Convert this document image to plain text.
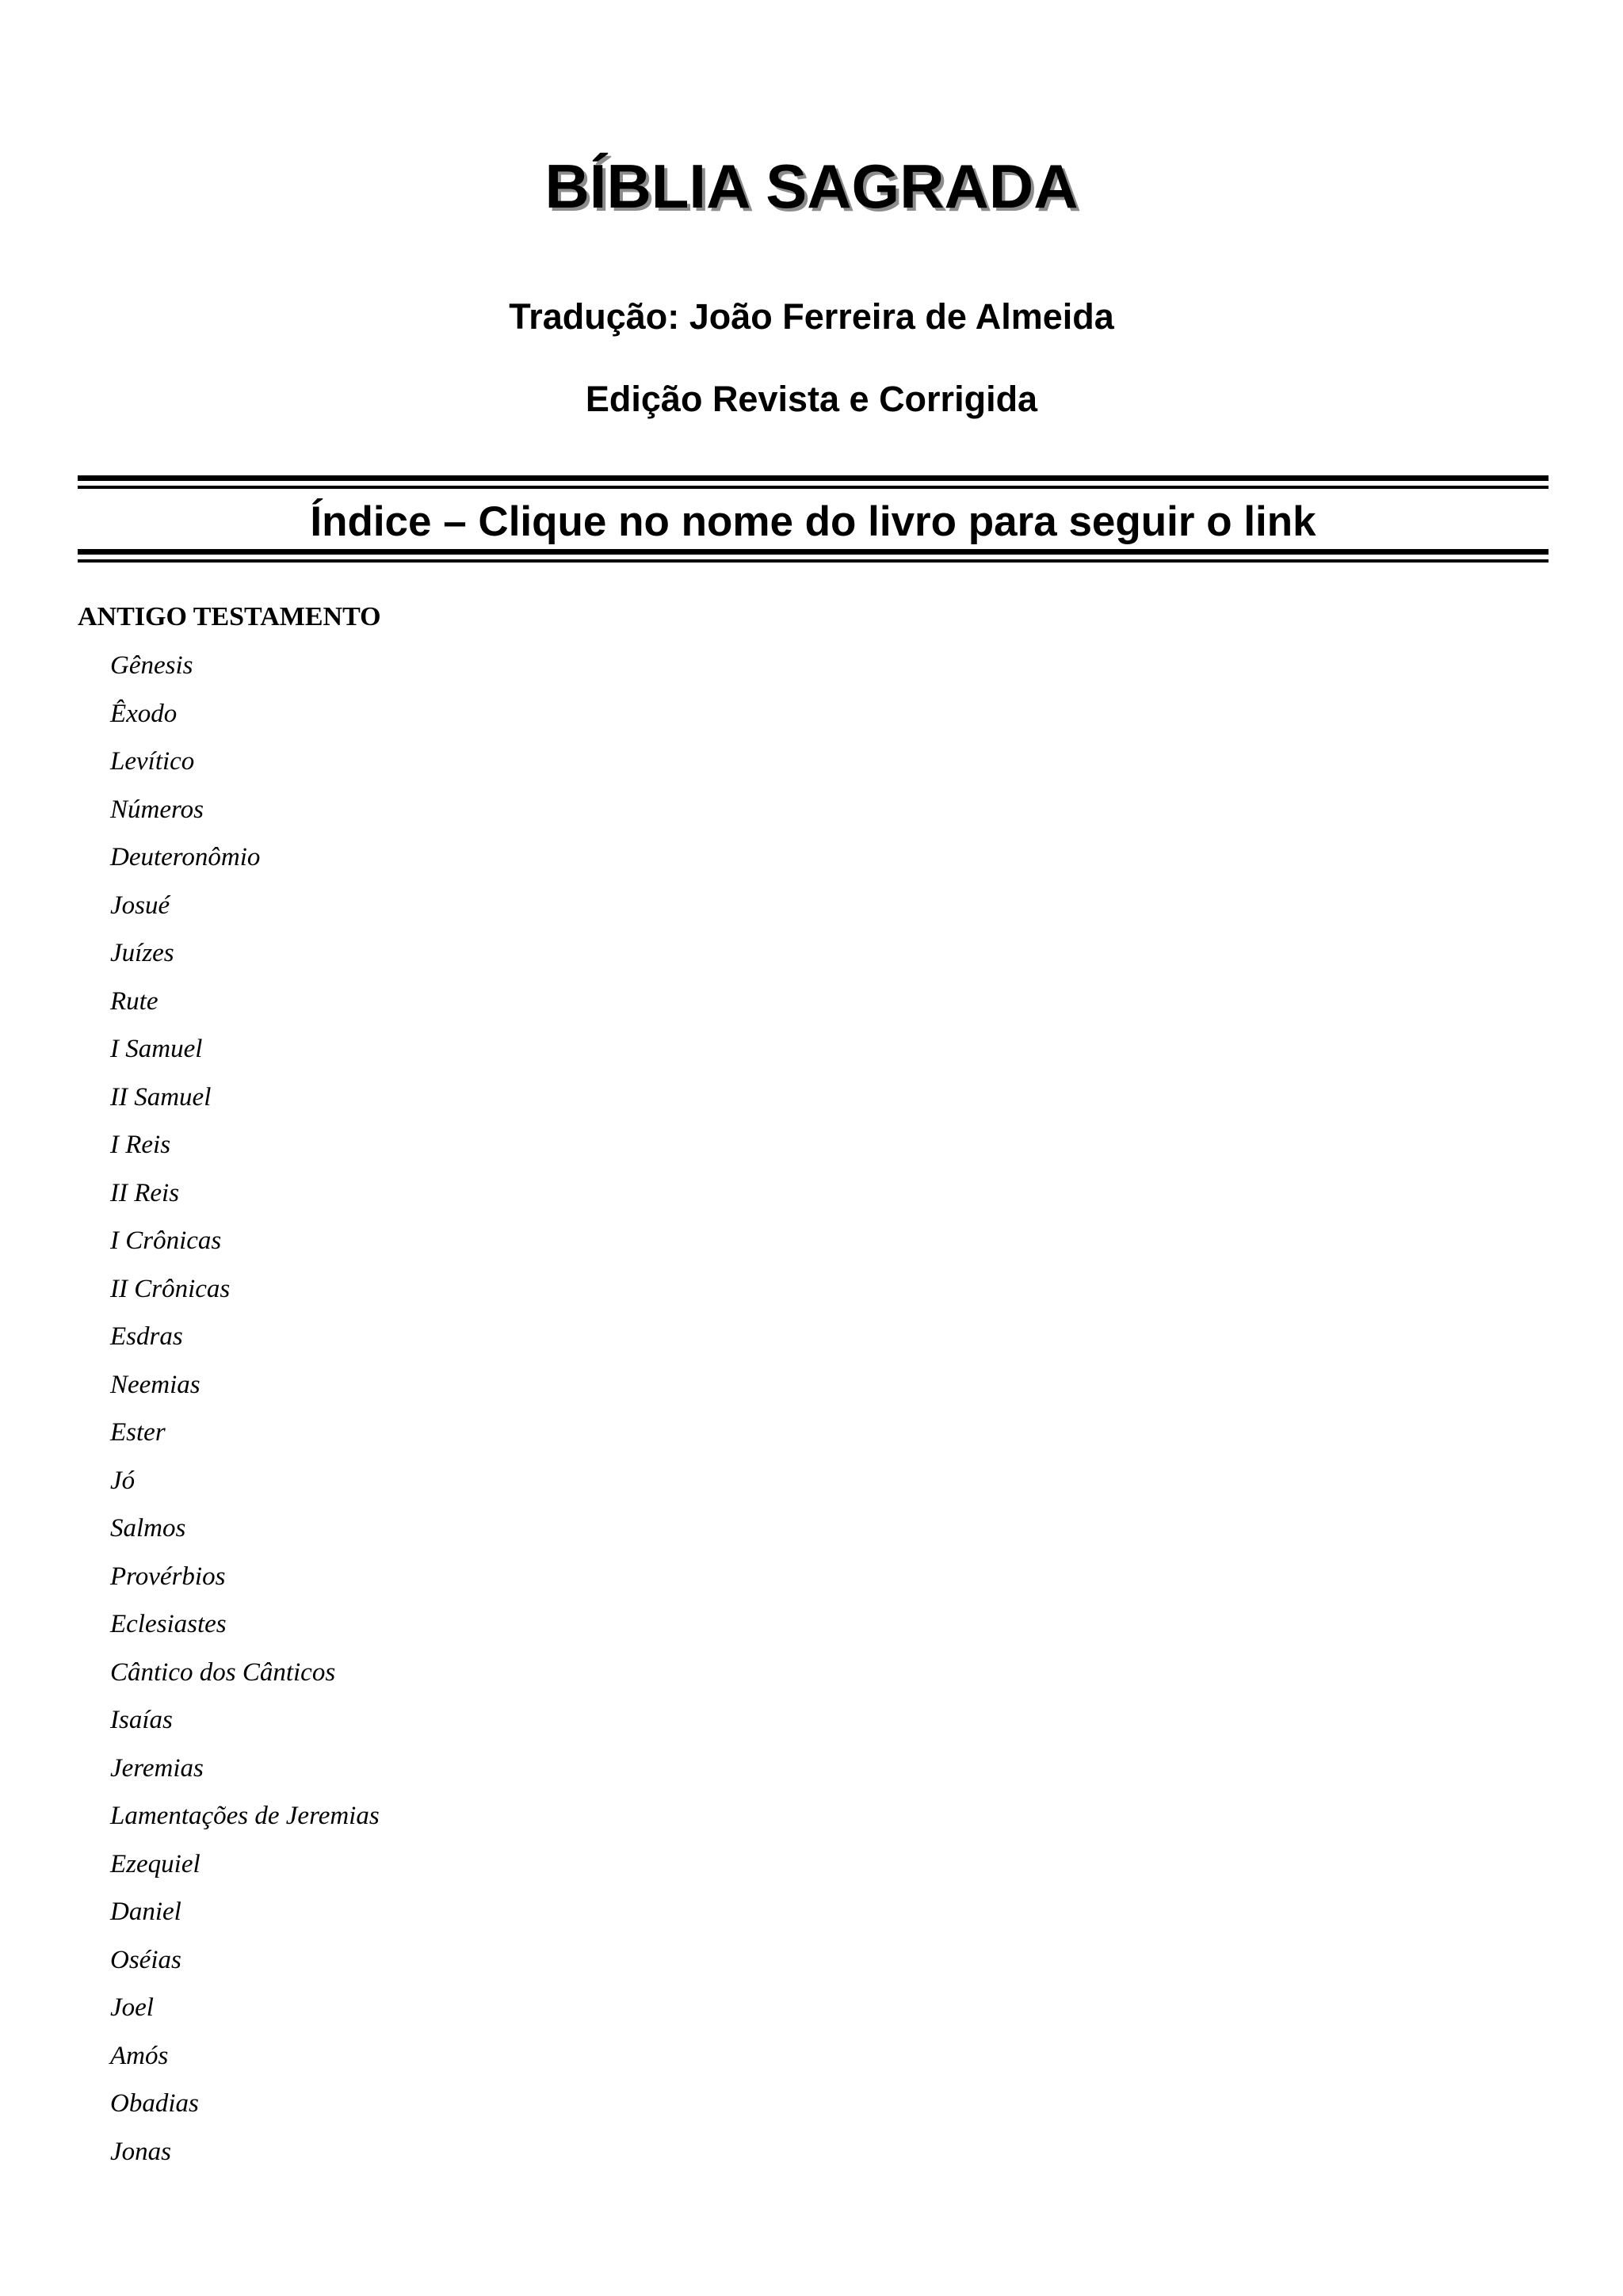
BÍBLIA SAGRADA
Tradução: João Ferreira de Almeida
Edição Revista e Corrigida
Índice – Clique no nome do livro para seguir o link
ANTIGO TESTAMENTO
Gênesis
Êxodo
Levítico
Números
Deuteronômio
Josué
Juízes
Rute
I Samuel
II Samuel
I Reis
II Reis
I Crônicas
II Crônicas
Esdras
Neemias
Ester
Jó
Salmos
Provérbios
Eclesiastes
Cântico dos Cânticos
Isaías
Jeremias
Lamentações de Jeremias
Ezequiel
Daniel
Oséias
Joel
Amós
Obadias
Jonas
